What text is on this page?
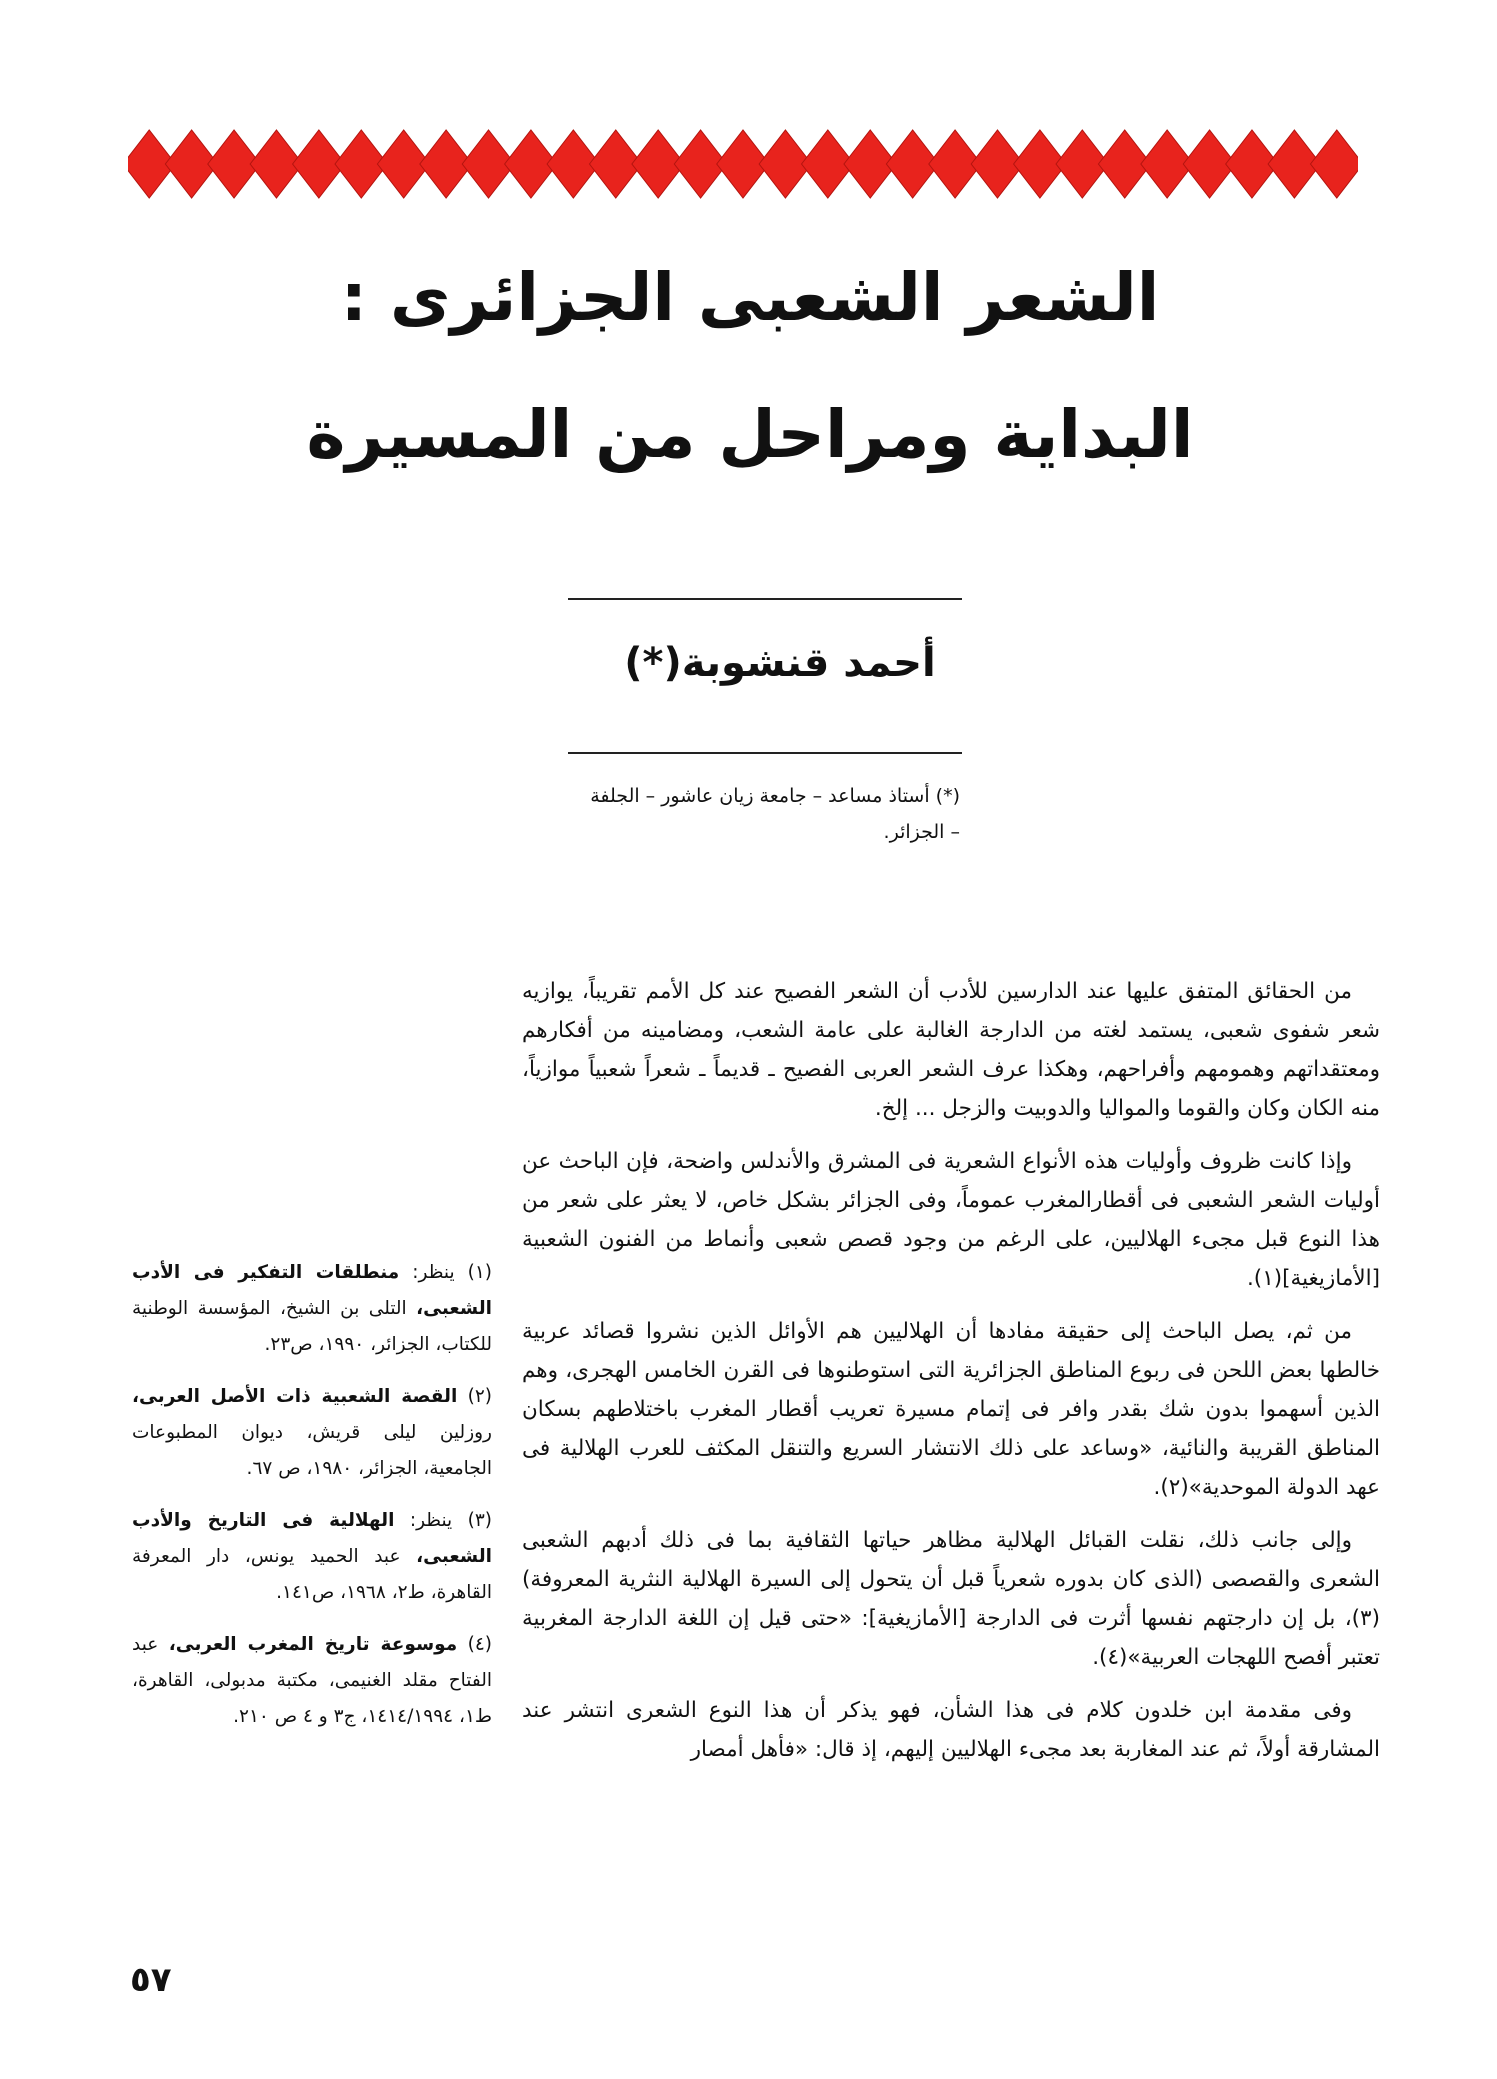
الشعر الشعبى الجزائرى :
البداية ومراحل من المسيرة
أحمد قنشوبة(*)
(*) أستاذ مساعد – جامعة زيان عاشور – الجلفة
– الجزائر.

من الحقائق المتفق عليها عند الدارسين للأدب أن الشعر الفصيح عند كل الأمم تقريباً، يوازيه شعر شفوى شعبى، يستمد لغته من الدارجة الغالبة على عامة الشعب، ومضامينه من أفكارهم ومعتقداتهم وهمومهم وأفراحهم، وهكذا عرف الشعر العربى الفصيح ـ قديماً ـ شعراً شعبياً موازياً، منه الكان وكان والقوما والمواليا والدوبيت والزجل ... إلخ.

وإذا كانت ظروف وأوليات هذه الأنواع الشعرية فى المشرق والأندلس واضحة، فإن الباحث عن أوليات الشعر الشعبى فى أقطارالمغرب عموماً، وفى الجزائر بشكل خاص، لا يعثر على شعر من هذا النوع قبل مجىء الهلاليين، على الرغم من وجود قصص شعبى وأنماط من الفنون الشعبية [الأمازيغية](١).

من ثم، يصل الباحث إلى حقيقة مفادها أن الهلاليين هم الأوائل الذين نشروا قصائد عربية خالطها بعض اللحن فى ربوع المناطق الجزائرية التى استوطنوها فى القرن الخامس الهجرى، وهم الذين أسهموا بدون شك بقدر وافر فى إتمام مسيرة تعريب أقطار المغرب باختلاطهم بسكان المناطق القريبة والنائية، «وساعد على ذلك الانتشار السريع والتنقل المكثف للعرب الهلالية فى عهد الدولة الموحدية»(٢).

وإلى جانب ذلك، نقلت القبائل الهلالية مظاهر حياتها الثقافية بما فى ذلك أدبهم الشعبى الشعرى والقصصى (الذى كان بدوره شعرياً قبل أن يتحول إلى السيرة الهلالية النثرية المعروفة)(٣)، بل إن دارجتهم نفسها أثرت فى الدارجة [الأمازيغية]: «حتى قيل إن اللغة الدارجة المغربية تعتبر أفصح اللهجات العربية»(٤).

وفى مقدمة ابن خلدون كلام فى هذا الشأن، فهو يذكر أن هذا النوع الشعرى انتشر عند المشارقة أولاً، ثم عند المغاربة بعد مجىء الهلاليين إليهم، إذ قال: «فأهل أمصار

(١) ينظر: منطلقات التفكير فى الأدب الشعبى، التلى بن الشيخ، المؤسسة الوطنية للكتاب، الجزائر، ١٩٩٠، ص٢٣.
(٢) القصة الشعبية ذات الأصل العربى، روزلين ليلى قريش، ديوان المطبوعات الجامعية، الجزائر، ١٩٨٠، ص ٦٧.
(٣) ينظر: الهلالية فى التاريخ والأدب الشعبى، عبد الحميد يونس، دار المعرفة القاهرة، ط٢، ١٩٦٨، ص١٤١.
(٤) موسوعة تاريخ المغرب العربى، عبد الفتاح مقلد الغنيمى، مكتبة مدبولى، القاهرة، ط١، ١٤١٤/١٩٩٤، ج٣ و ٤ ص ٢١٠.
٥٧
